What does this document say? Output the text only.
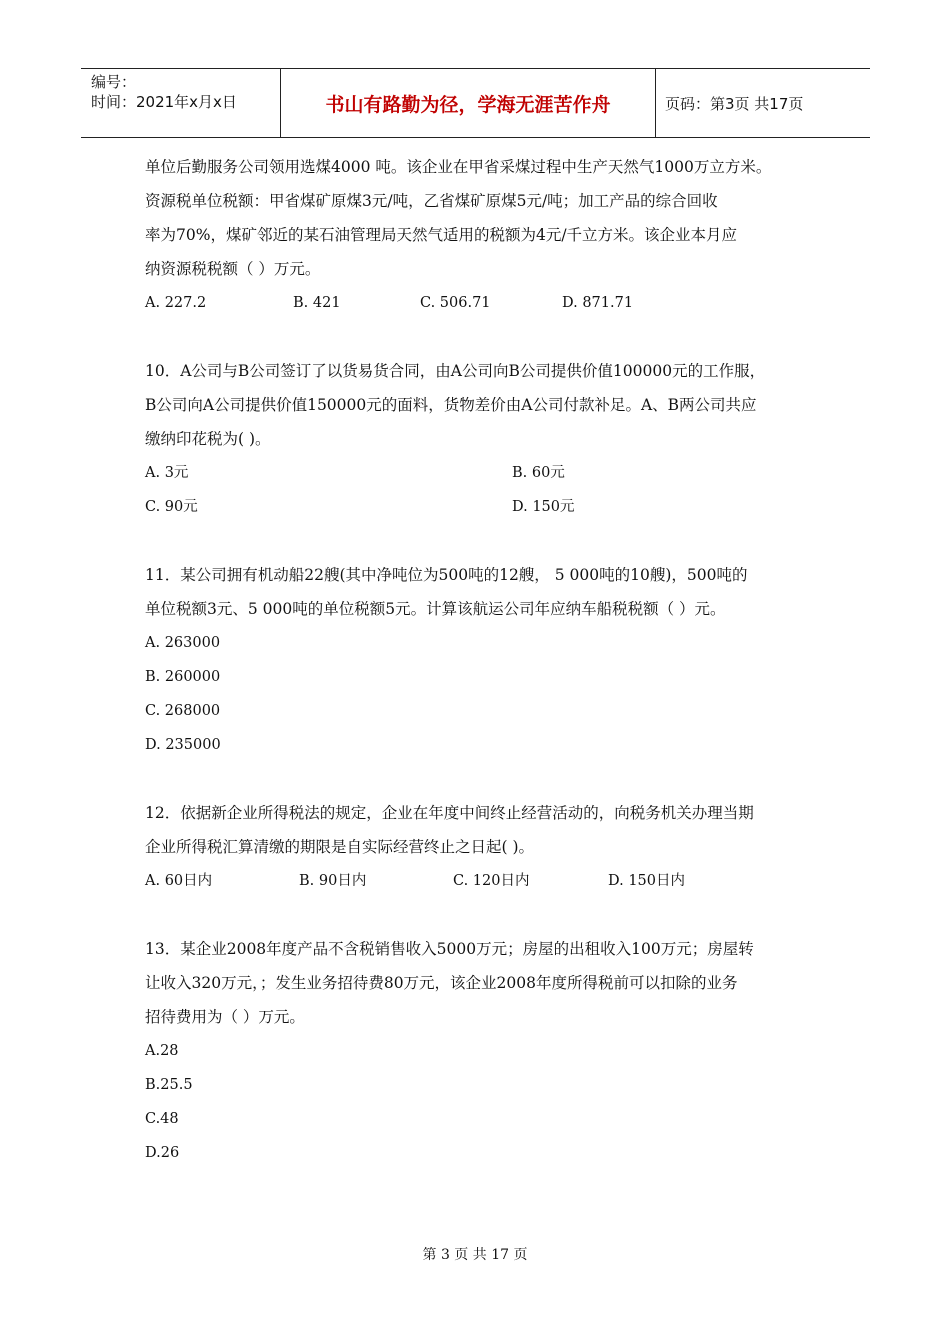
编号：
时间：2021年x月x日	书山有路勤为径，学海无涯苦作舟	页码：第3页 共17页
单位后勤服务公司领用选煤4000 吨。该企业在甲省采煤过程中生产天然气1000万立方米。
资源税单位税额：甲省煤矿原煤3元/吨，乙省煤矿原煤5元/吨；加工产品的综合回收
率为70%，煤矿邻近的某石油管理局天然气适用的税额为4元/千立方米。该企业本月应
纳资源税税额（ ）万元。
A. 227.2	B. 421	C. 506.71	D. 871.71
10．A公司与B公司签订了以货易货合同，由A公司向B公司提供价值100000元的工作服，
B公司向A公司提供价值150000元的面料，货物差价由A公司付款补足。A、B两公司共应
缴纳印花税为( )。
A. 3元	B. 60元
C. 90元	D. 150元
11．某公司拥有机动船22艘(其中净吨位为500吨的12艘， 5 000吨的10艘)，500吨的
单位税额3元、5 000吨的单位税额5元。计算该航运公司年应纳车船税税额（ ）元。
A. 263000
B. 260000
C. 268000
D. 235000
12．依据新企业所得税法的规定，企业在年度中间终止经营活动的，向税务机关办理当期
企业所得税汇算清缴的期限是自实际经营终止之日起( )。
A. 60日内	B. 90日内	C. 120日内	D. 150日内
13．某企业2008年度产品不含税销售收入5000万元；房屋的出租收入100万元；房屋转
让收入320万元，；发生业务招待费80万元，该企业2008年度所得税前可以扣除的业务
招待费用为（ ）万元。
A.28
B.25.5
C.48
D.26
第 3 页 共 17 页
